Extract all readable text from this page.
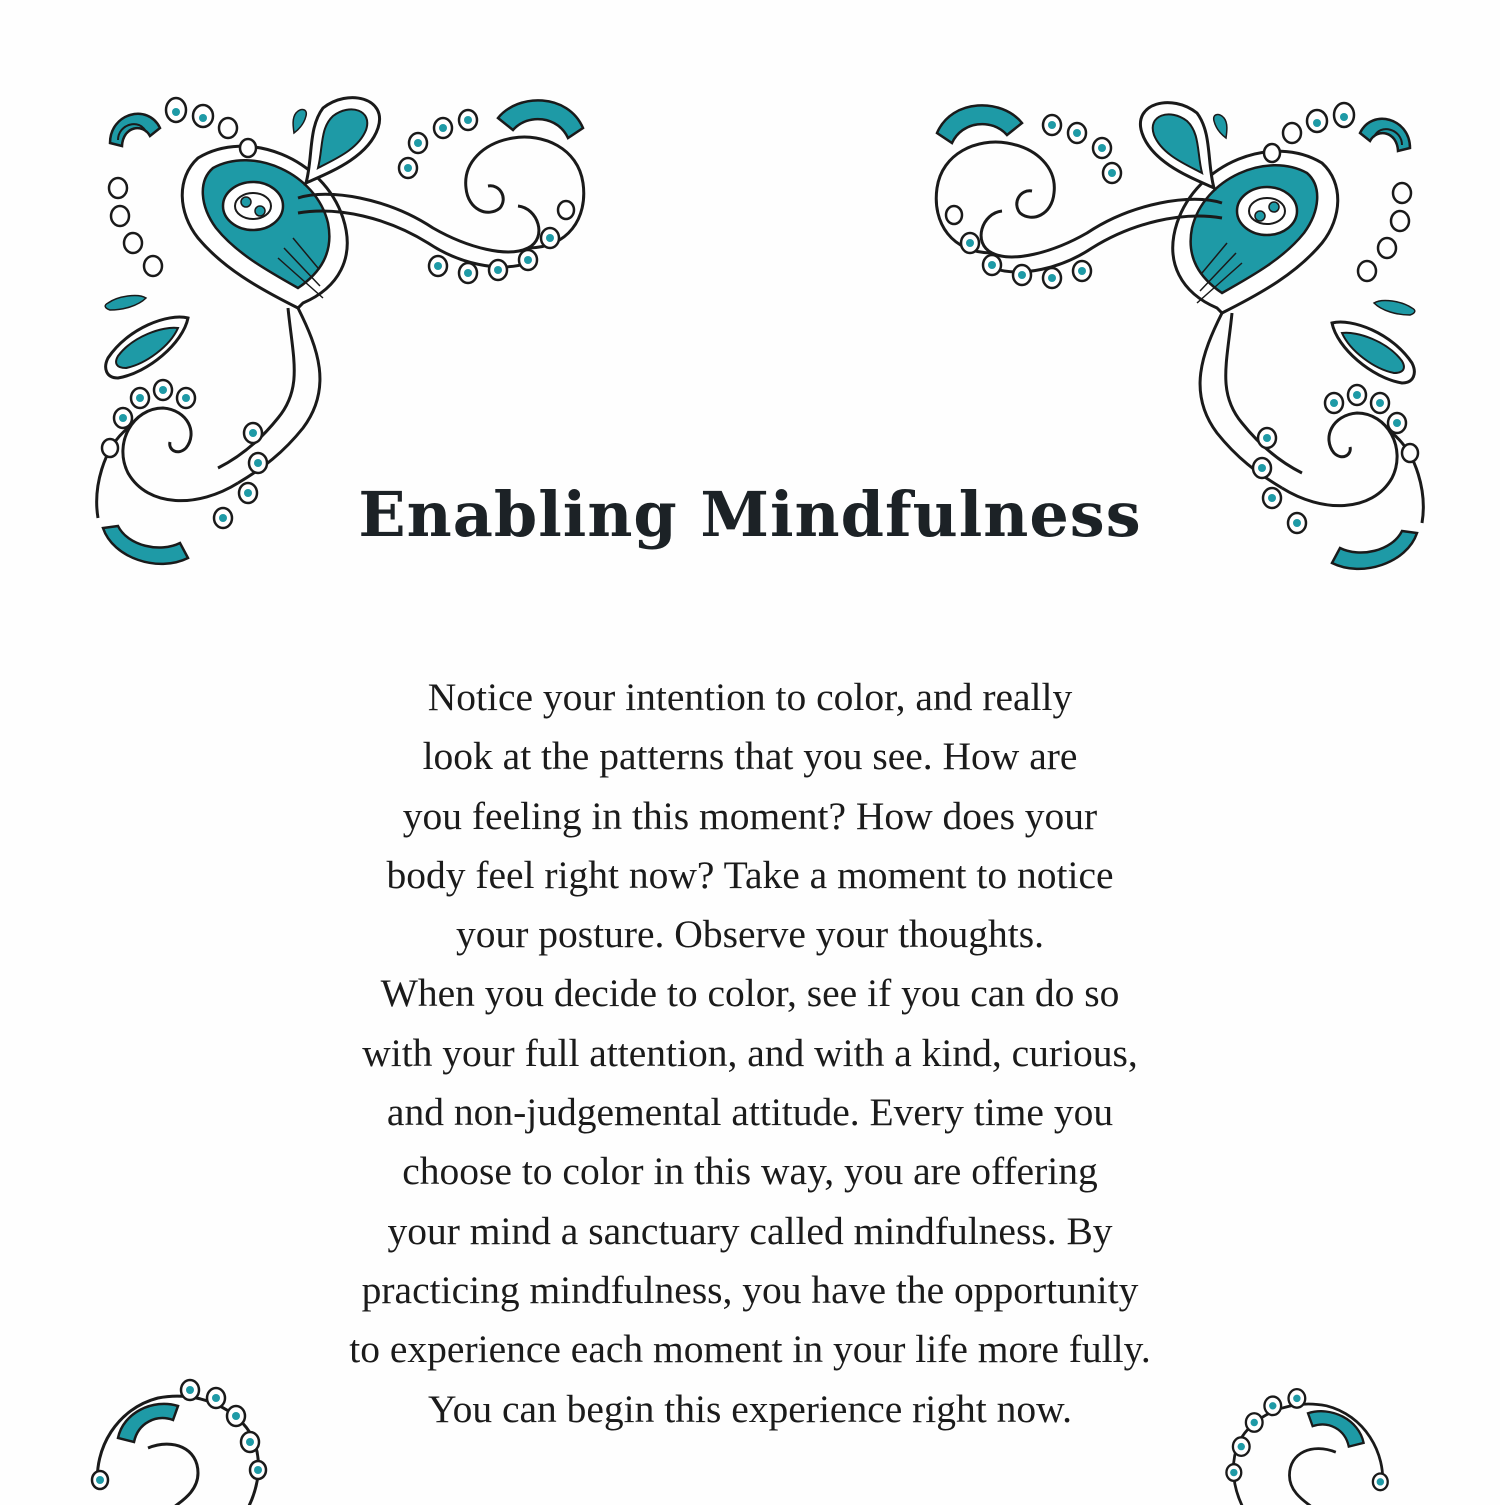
Enabling Mindfulness
Notice your intention to color, and really
look at the patterns that you see. How are
you feeling in this moment? How does your
body feel right now? Take a moment to notice
your posture. Observe your thoughts.
When you decide to color, see if you can do so
with your full attention, and with a kind, curious,
and non-judgemental attitude. Every time you
choose to color in this way, you are offering
your mind a sanctuary called mindfulness. By
practicing mindfulness, you have the opportunity
to experience each moment in your life more fully.
You can begin this experience right now.
